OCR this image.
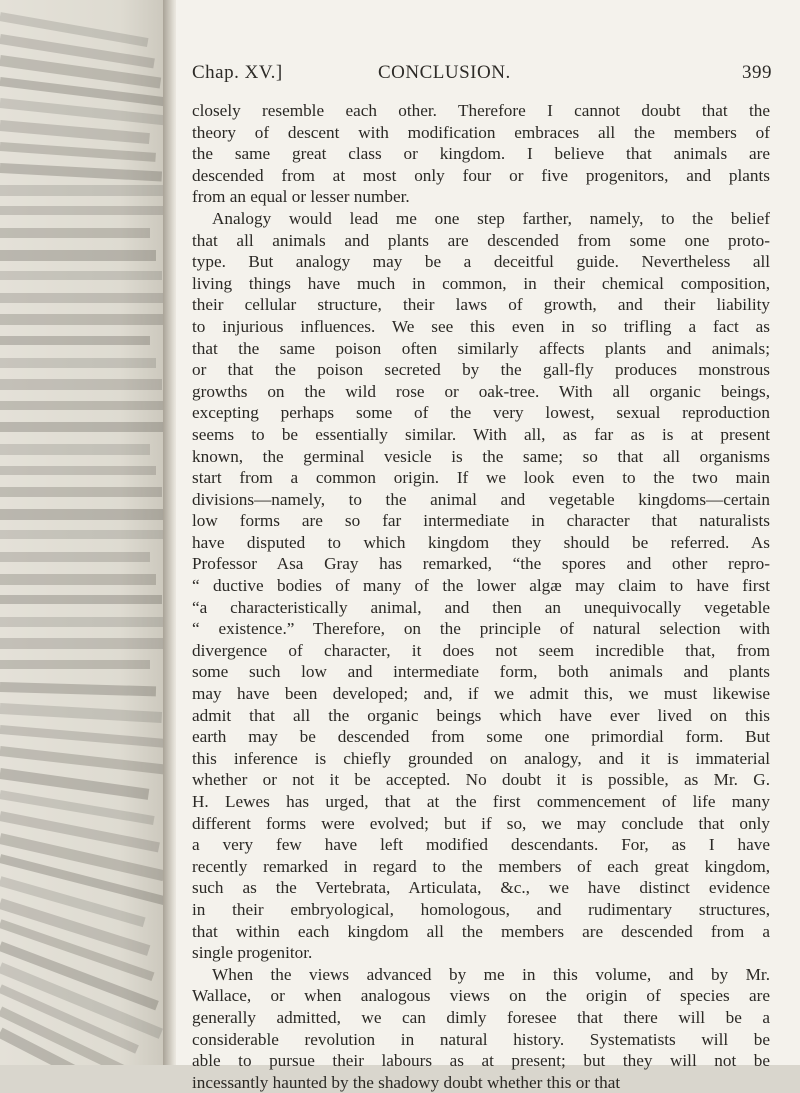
Chap. XV.]	CONCLUSION.	399
closely resemble each other. Therefore I cannot doubt that the
theory of descent with modification embraces all the members of
the same great class or kingdom. I believe that animals are
descended from at most only four or five progenitors, and plants
from an equal or lesser number.
Analogy would lead me one step farther, namely, to the belief
that all animals and plants are descended from some one proto-
type. But analogy may be a deceitful guide. Nevertheless all
living things have much in common, in their chemical composition,
their cellular structure, their laws of growth, and their liability
to injurious influences. We see this even in so trifling a fact as
that the same poison often similarly affects plants and animals;
or that the poison secreted by the gall-fly produces monstrous
growths on the wild rose or oak-tree. With all organic beings,
excepting perhaps some of the very lowest, sexual reproduction
seems to be essentially similar. With all, as far as is at present
known, the germinal vesicle is the same; so that all organisms
start from a common origin. If we look even to the two main
divisions—namely, to the animal and vegetable kingdoms—certain
low forms are so far intermediate in character that naturalists
have disputed to which kingdom they should be referred. As
Professor Asa Gray has remarked, “the spores and other repro-
“ ductive bodies of many of the lower algæ may claim to have first
“a characteristically animal, and then an unequivocally vegetable
“ existence.” Therefore, on the principle of natural selection with
divergence of character, it does not seem incredible that, from
some such low and intermediate form, both animals and plants
may have been developed; and, if we admit this, we must likewise
admit that all the organic beings which have ever lived on this
earth may be descended from some one primordial form. But
this inference is chiefly grounded on analogy, and it is immaterial
whether or not it be accepted. No doubt it is possible, as Mr. G.
H. Lewes has urged, that at the first commencement of life many
different forms were evolved; but if so, we may conclude that only
a very few have left modified descendants. For, as I have
recently remarked in regard to the members of each great kingdom,
such as the Vertebrata, Articulata, &c., we have distinct evidence
in their embryological, homologous, and rudimentary structures,
that within each kingdom all the members are descended from a
single progenitor.
When the views advanced by me in this volume, and by Mr.
Wallace, or when analogous views on the origin of species are
generally admitted, we can dimly foresee that there will be a
considerable revolution in natural history. Systematists will be
able to pursue their labours as at present; but they will not be
incessantly haunted by the shadowy doubt whether this or that
